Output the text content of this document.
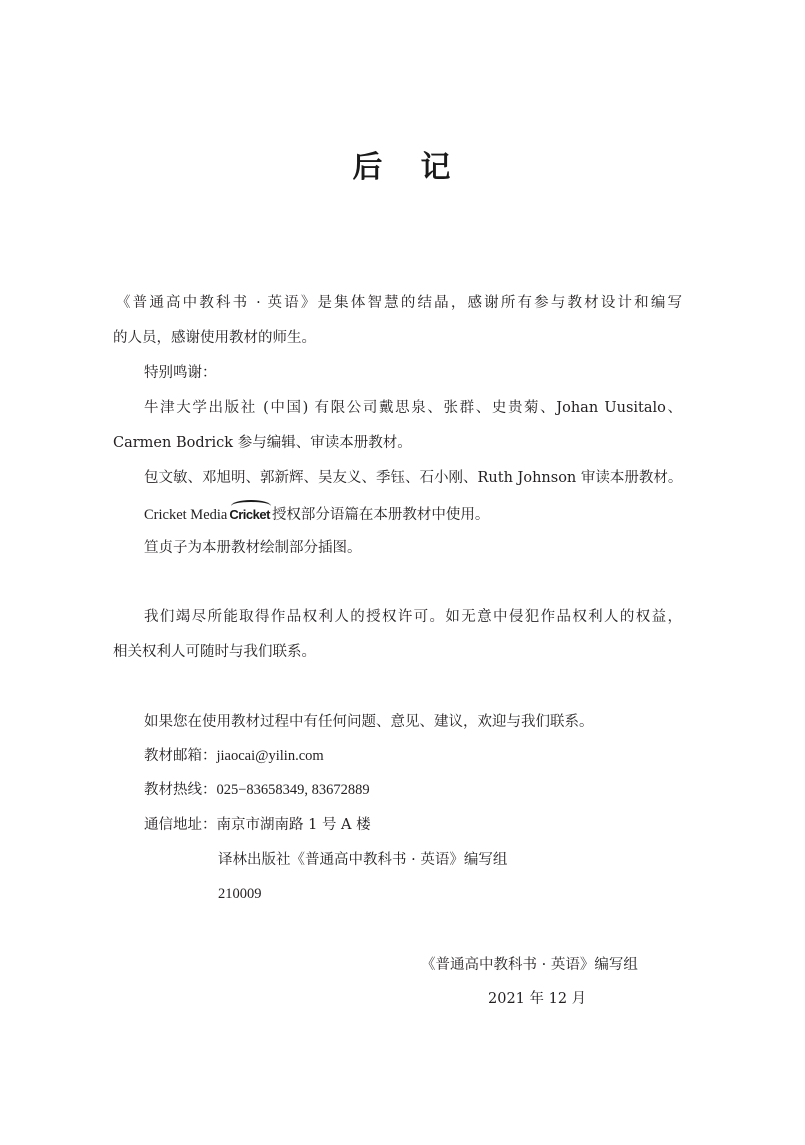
后 记
《普通高中教科书 · 英语》是集体智慧的结晶，感谢所有参与教材设计和编写
的人员，感谢使用教材的师生。
特别鸣谢：
牛津大学出版社 (中国) 有限公司戴思泉、张群、史贵菊、Johan Uusitalo、
Carmen Bodrick 参与编辑、审读本册教材。
包文敏、邓旭明、郭新辉、吴友义、季钰、石小刚、Ruth Johnson 审读本册教材。
Cricket Media Cricket 授权部分语篇在本册教材中使用。
笪贞子为本册教材绘制部分插图。
我们竭尽所能取得作品权利人的授权许可。如无意中侵犯作品权利人的权益，
相关权利人可随时与我们联系。
如果您在使用教材过程中有任何问题、意见、建议，欢迎与我们联系。
教材邮箱：jiaocai@yilin.com
教材热线：025−83658349, 83672889
通信地址：南京市湖南路 1 号 A 楼
译林出版社《普通高中教科书 · 英语》编写组
210009
《普通高中教科书 · 英语》编写组
2021 年 12 月
